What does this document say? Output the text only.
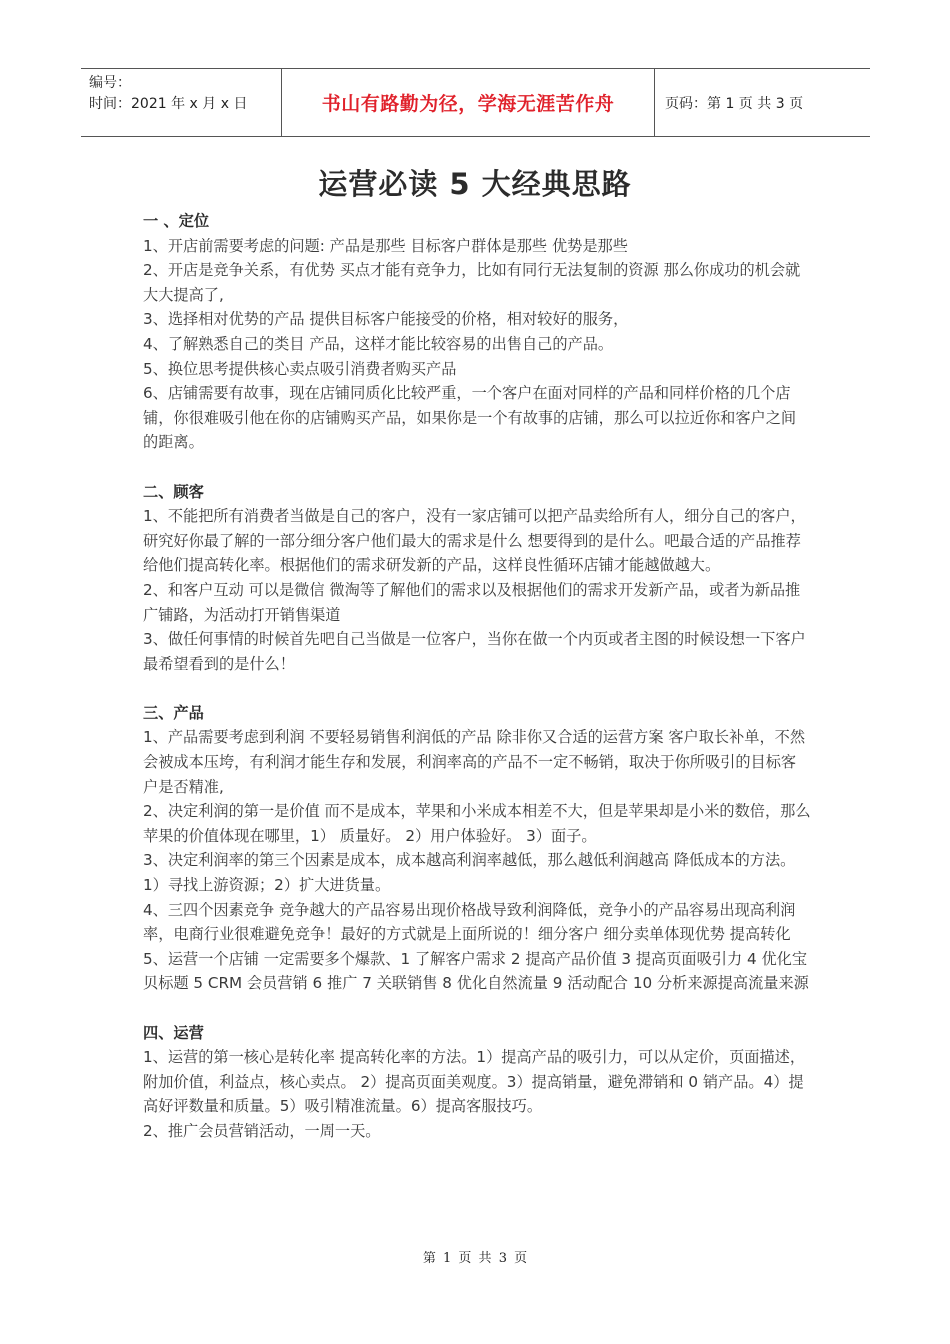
编号：
时间：2021 年 x 月 x 日	书山有路勤为径，学海无涯苦作舟	页码：第 1 页 共 3 页
运营必读 5 大经典思路
一 、定位

1、开店前需要考虑的问题: 产品是那些 目标客户群体是那些 优势是那些

2、开店是竞争关系，有优势 买点才能有竞争力，比如有同行无法复制的资源 那么你成功的机会就大大提高了,

3、选择相对优势的产品 提供目标客户能接受的价格，相对较好的服务，

4、了解熟悉自己的类目 产品，这样才能比较容易的出售自己的产品。

5、换位思考提供核心卖点吸引消费者购买产品

6、店铺需要有故事，现在店铺同质化比较严重，一个客户在面对同样的产品和同样价格的几个店铺，你很难吸引他在你的店铺购买产品，如果你是一个有故事的店铺，那么可以拉近你和客户之间的距离。

二、顾客

1、不能把所有消费者当做是自己的客户，没有一家店铺可以把产品卖给所有人，细分自己的客户，研究好你最了解的一部分细分客户他们最大的需求是什么 想要得到的是什么。吧最合适的产品推荐给他们提高转化率。根据他们的需求研发新的产品，这样良性循环店铺才能越做越大。

2、和客户互动 可以是微信 微淘等了解他们的需求以及根据他们的需求开发新产品，或者为新品推广铺路，为活动打开销售渠道

3、做任何事情的时候首先吧自己当做是一位客户，当你在做一个内页或者主图的时候设想一下客户最希望看到的是什么！

三、产品

1、产品需要考虑到利润 不要轻易销售利润低的产品 除非你又合适的运营方案 客户取长补单，不然会被成本压垮，有利润才能生存和发展，利润率高的产品不一定不畅销，取决于你所吸引的目标客户是否精准,

2、决定利润的第一是价值 而不是成本，苹果和小米成本相差不大，但是苹果却是小米的数倍，那么苹果的价值体现在哪里，1） 质量好。 2）用户体验好。 3）面子。

3、决定利润率的第三个因素是成本，成本越高利润率越低，那么越低利润越高 降低成本的方法。1）寻找上游资源；2）扩大进货量。

4、三四个因素竞争 竞争越大的产品容易出现价格战导致利润降低，竞争小的产品容易出现高利润率，电商行业很难避免竞争！最好的方式就是上面所说的！细分客户 细分卖单体现优势 提高转化

5、运营一个店铺 一定需要多个爆款、1 了解客户需求 2 提高产品价值 3 提高页面吸引力 4 优化宝贝标题 5 CRM 会员营销 6 推广 7 关联销售 8 优化自然流量 9 活动配合 10 分析来源提高流量来源

四、运营

1、运营的第一核心是转化率 提高转化率的方法。1）提高产品的吸引力，可以从定价，页面描述，附加价值，利益点，核心卖点。 2）提高页面美观度。3）提高销量，避免滞销和 0 销产品。4）提高好评数量和质量。5）吸引精准流量。6）提高客服技巧。

2、推广会员营销活动，一周一天。

第 1 页 共 3 页
